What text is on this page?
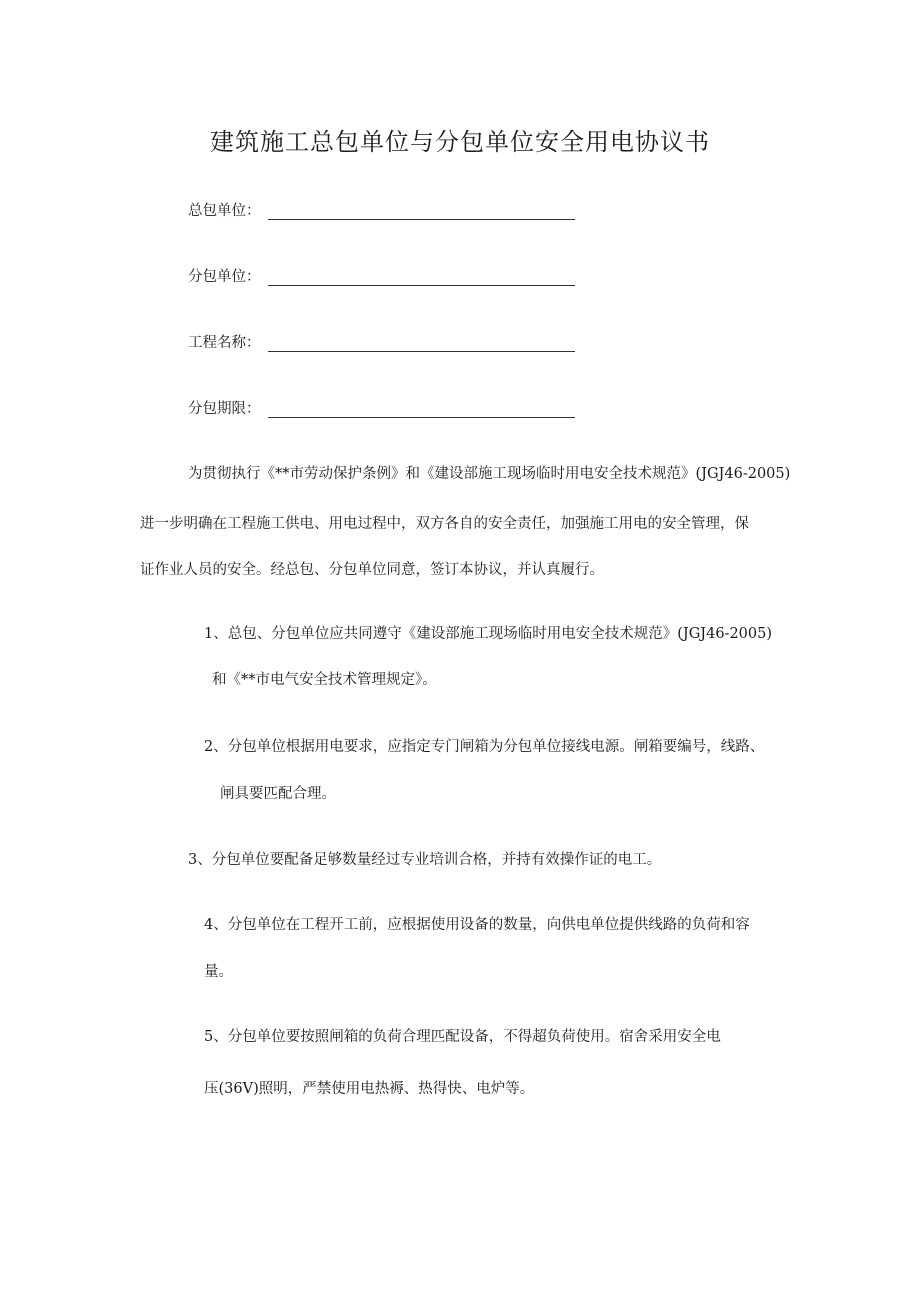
建筑施工总包单位与分包单位安全用电协议书
总包单位：
分包单位：
工程名称：
分包期限：
为贯彻执行《**市劳动保护条例》和《建设部施工现场临时用电安全技术规范》(JGJ46-2005)
进一步明确在工程施工供电、用电过程中，双方各自的安全责任，加强施工用电的安全管理，保
证作业人员的安全。经总包、分包单位同意，签订本协议，并认真履行。
1、总包、分包单位应共同遵守《建设部施工现场临时用电安全技术规范》(JGJ46-2005)
和《**市电气安全技术管理规定》。
2、分包单位根据用电要求，应指定专门闸箱为分包单位接线电源。闸箱要编号，线路、
闸具要匹配合理。
3、分包单位要配备足够数量经过专业培训合格，并持有效操作证的电工。
4、分包单位在工程开工前，应根据使用设备的数量，向供电单位提供线路的负荷和容
量。
5、分包单位要按照闸箱的负荷合理匹配设备，不得超负荷使用。宿舍采用安全电
压(36V)照明，严禁使用电热褥、热得快、电炉等。
